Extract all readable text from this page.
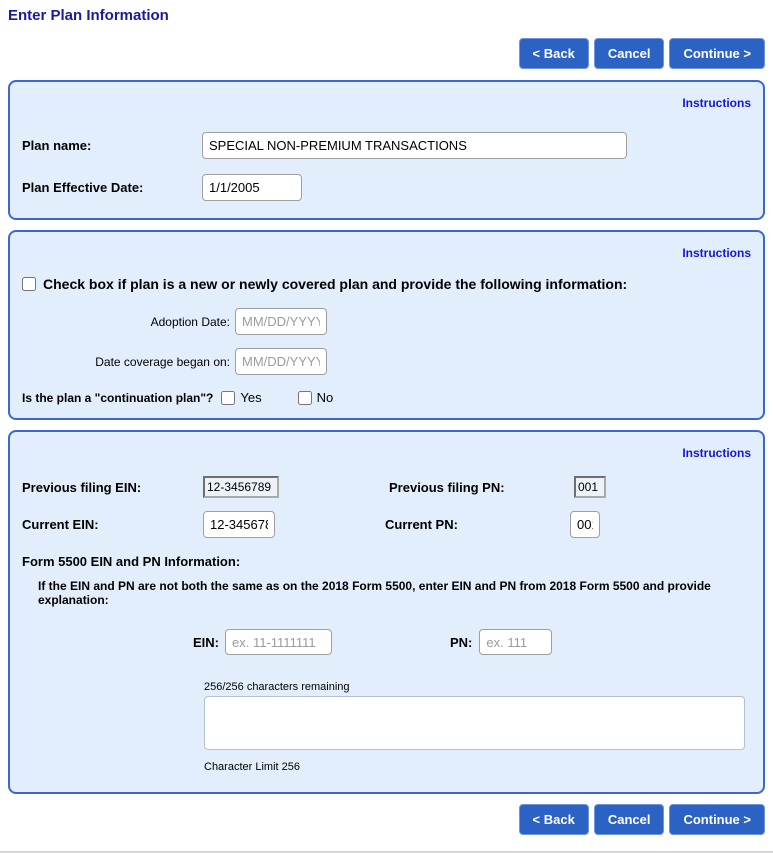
Enter Plan Information
< Back	Cancel	Continue >
Instructions
Plan name:
SPECIAL NON-PREMIUM TRANSACTIONS
Plan Effective Date:
1/1/2005
Instructions
Check box if plan is a new or newly covered plan and provide the following information:
Adoption Date:
MM/DD/YYYY
Date coverage began on:
MM/DD/YYYY
Is the plan a "continuation plan"? Yes	No
Instructions
Previous filing EIN:
12-3456789	Previous filing PN:
001
Current EIN:
12-3456789	Current PN:
001
Form 5500 EIN and PN Information:
If the EIN and PN are not both the same as on the 2018 Form 5500, enter EIN and PN from 2018 Form 5500 and provide explanation:
EIN:
ex. 11-1111111	PN:
ex. 111
256/256 characters remaining
Character Limit 256
< Back	Cancel	Continue >
